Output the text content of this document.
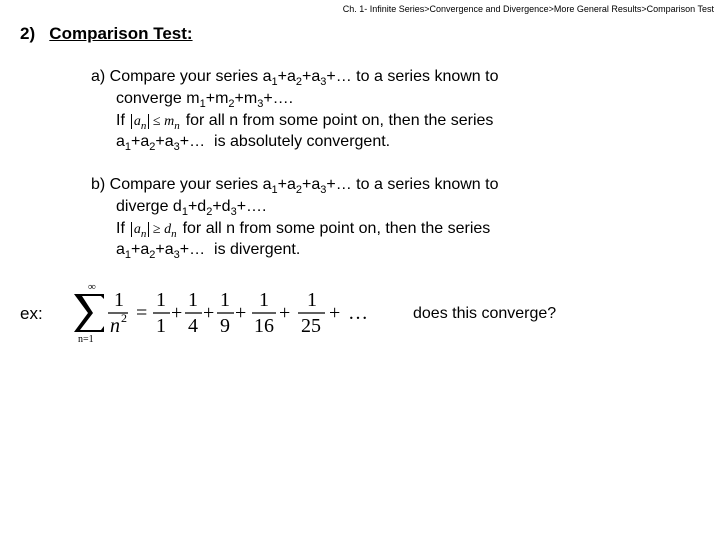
Ch. 1- Infinite Series>Convergence and Divergence>More General Results>Comparison Test
2) Comparison Test:
a) Compare your series $a_1+a_2+a_3+\dots$ to a series known to
converge $m_1+m_2+m_3+\dots$.
If $a_n \le m_n$ for all n from some point on, then the series
$a_1+a_2+a_3+\dots$  is absolutely convergent.
b) Compare your series $a_1+a_2+a_3+\dots$ to a series known to
diverge $d_1+d_2+d_3+\dots$.
If $a_n \ge d_n$ for all n from some point on, then the series
$a_1+a_2+a_3+\dots$  is divergent.
ex:
∞
n=1
1
n 2 =
1
1
+
1
4
+
1
9
+
1
16
+
1
25
+ …	does this converge?
